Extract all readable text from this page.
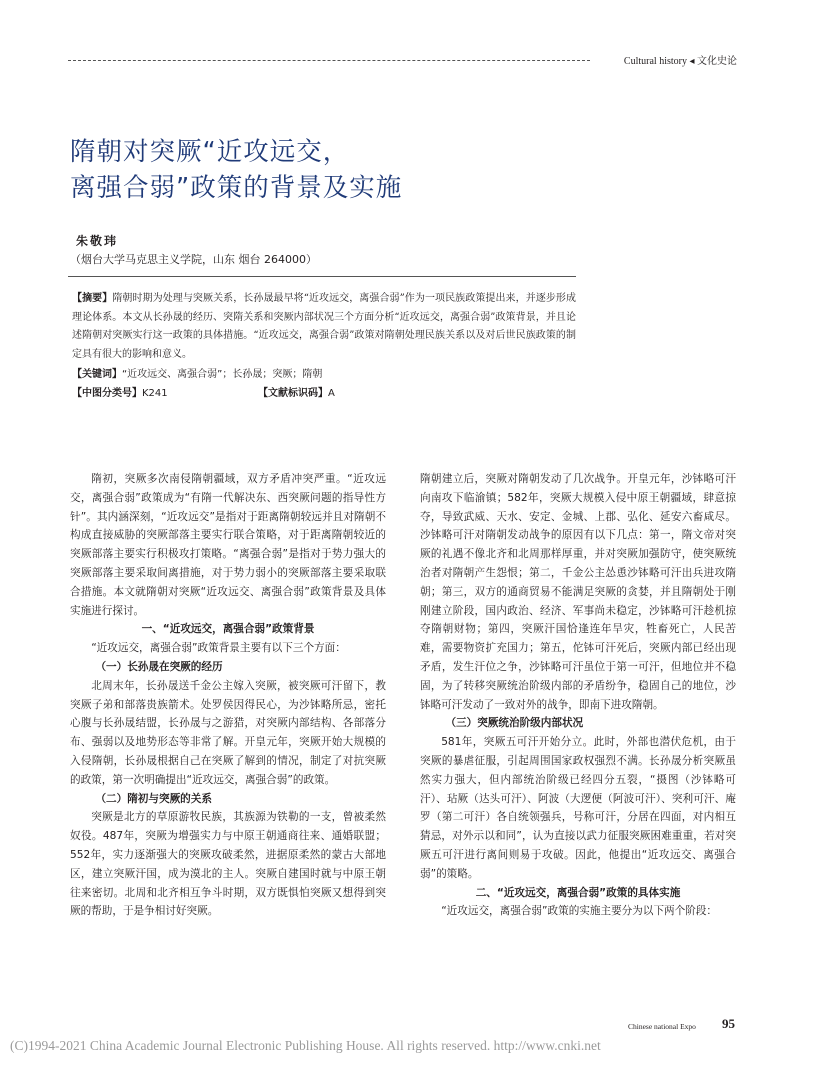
Cultural history ◂ 文化史论
隋朝对突厥“近攻远交，
离强合弱”政策的背景及实施
朱敬玮
（烟台大学马克思主义学院，山东 烟台 264000）
【摘要】隋朝时期为处理与突厥关系，长孙晟最早将“近攻远交，离强合弱”作为一项民族政策提出来，并逐步形成理论体系。本文从长孙晟的经历、突隋关系和突厥内部状况三个方面分析“近攻远交，离强合弱”政策背景，并且论述隋朝对突厥实行这一政策的具体措施。“近攻远交，离强合弱”政策对隋朝处理民族关系以及对后世民族政策的制定具有很大的影响和意义。
【关键词】“近攻远交、离强合弱”；长孙晟；突厥；隋朝
【中图分类号】K241	【文献标识码】A

隋初，突厥多次南侵隋朝疆域，双方矛盾冲突严重。“近攻远交，离强合弱”政策成为“有隋一代解决东、西突厥问题的指导性方针”。其内涵深刻，“近攻远交”是指对于距离隋朝较远并且对隋朝不构成直接威胁的突厥部落主要实行联合策略，对于距离隋朝较近的突厥部落主要实行积极攻打策略。“离强合弱”是指对于势力强大的突厥部落主要采取间离措施，对于势力弱小的突厥部落主要采取联合措施。本文就隋朝对突厥“近攻远交、离强合弱”政策背景及具体实施进行探讨。

一、“近攻远交，离强合弱”政策背景

“近攻远交，离强合弱”政策背景主要有以下三个方面：

（一）长孙晟在突厥的经历

北周末年，长孙晟送千金公主嫁入突厥，被突厥可汗留下，教突厥子弟和部落贵族箭术。处罗侯因得民心，为沙钵略所忌，密托心腹与长孙晟结盟，长孙晟与之游猎，对突厥内部结构、各部落分布、强弱以及地势形态等非常了解。开皇元年，突厥开始大规模的入侵隋朝，长孙晟根据自己在突厥了解到的情况，制定了对抗突厥的政策，第一次明确提出“近攻远交，离强合弱”的政策。

（二）隋初与突厥的关系

突厥是北方的草原游牧民族，其族源为铁勒的一支，曾被柔然奴役。487年，突厥为增强实力与中原王朝通商往来、通婚联盟；552年，实力逐渐强大的突厥攻破柔然，进据原柔然的蒙古大部地区，建立突厥汗国，成为漠北的主人。突厥自建国时就与中原王朝往来密切。北周和北齐相互争斗时期，双方既惧怕突厥又想得到突厥的帮助，于是争相讨好突厥。

隋朝建立后，突厥对隋朝发动了几次战争。开皇元年，沙钵略可汗向南攻下临渝镇；582年，突厥大规模入侵中原王朝疆域，肆意掠夺，导致武威、天水、安定、金城、上郡、弘化、延安六畜咸尽。沙钵略可汗对隋朝发动战争的原因有以下几点：第一，隋文帝对突厥的礼遇不像北齐和北周那样厚重，并对突厥加强防守，使突厥统治者对隋朝产生怨恨；第二，千金公主怂恿沙钵略可汗出兵进攻隋朝；第三，双方的通商贸易不能满足突厥的贪婪，并且隋朝处于刚刚建立阶段，国内政治、经济、军事尚未稳定，沙钵略可汗趁机掠夺隋朝财物；第四，突厥汗国恰逢连年旱灾，牲畜死亡，人民苦难，需要物资扩充国力；第五，佗钵可汗死后，突厥内部已经出现矛盾，发生汗位之争，沙钵略可汗虽位于第一可汗，但地位并不稳固，为了转移突厥统治阶级内部的矛盾纷争，稳固自己的地位，沙钵略可汗发动了一致对外的战争，即南下进攻隋朝。

（三）突厥统治阶级内部状况

581年，突厥五可汗开始分立。此时，外部也潜伏危机，由于突厥的暴虐征服，引起周围国家政权强烈不满。长孙晟分析突厥虽然实力强大，但内部统治阶级已经四分五裂，“摄图（沙钵略可汗）、玷厥（达头可汗）、阿波（大逻便（阿波可汗）、突利可汗、庵罗（第二可汗）各自统领强兵，号称可汗，分居在四面，对内相互猜忌，对外示以和同”，认为直接以武力征服突厥困难重重，若对突厥五可汗进行离间则易于攻破。因此，他提出“近攻远交、离强合弱”的策略。

二、“近攻远交，离强合弱”政策的具体实施

“近攻远交，离强合弱”政策的实施主要分为以下两个阶段：

Chinese national Expo 95
(C)1994-2021 China Academic Journal Electronic Publishing House. All rights reserved. http://www.cnki.net
